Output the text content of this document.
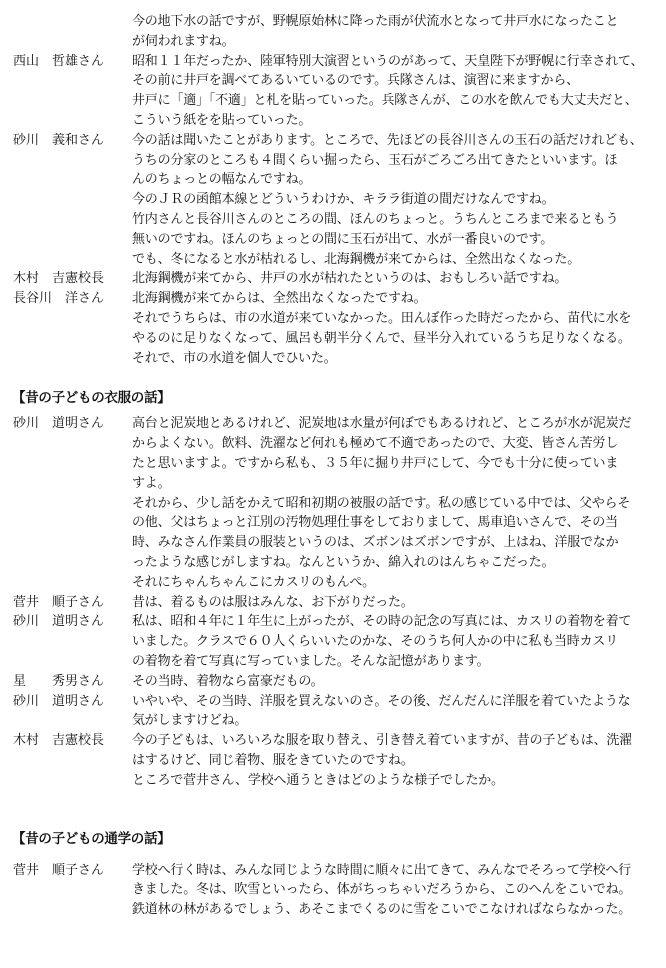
今の地下水の話ですが、野幌原始林に降った雨が伏流水となって井戸水になったこと
が伺われますね。
西山　哲雄さん 昭和１１年だったか、陸軍特別大演習というのがあって、天皇陛下が野幌に行幸されて、
その前に井戸を調べてあるいているのです。兵隊さんは、演習に来ますから、
井戸に「適」「不適」と札を貼っていった。兵隊さんが、この水を飲んでも大丈夫だと、
こういう紙をを貼っていった。
砂川　義和さん 今の話は聞いたことがあります。ところで、先ほどの長谷川さんの玉石の話だけれども、
うちの分家のところも４間くらい掘ったら、玉石がごろごろ出てきたといいます。ほ
んのちょっとの幅なんですね。
今のＪＲの函館本線とどういうわけか、キララ街道の間だけなんですね。
竹内さんと長谷川さんのところの間、ほんのちょっと。うちんところまで来るともう
無いのですね。ほんのちょっとの間に玉石が出て、水が一番良いのです。
でも、冬になると水が枯れるし、北海鋼機が来てからは、全然出なくなった。
木村　吉憲校長 北海鋼機が来てから、井戸の水が枯れたというのは、おもしろい話ですね。
長谷川　洋さん 北海鋼機が来てからは、全然出なくなったですね。
それでうちらは、市の水道が来ていなかった。田んぼ作った時だったから、苗代に水を
やるのに足りなくなって、風呂も朝半分くんで、昼半分入れているうち足りなくなる。
それで、市の水道を個人でひいた。
【昔の子どもの衣服の話】
砂川　道明さん 高台と泥炭地とあるけれど、泥炭地は水量が何ぼでもあるけれど、ところが水が泥炭だ
からよくない。飲料、洗濯など何れも極めて不適であったので、大変、皆さん苦労し
たと思いますよ。ですから私も、３５年に掘り井戸にして、今でも十分に使っていま
すよ。
それから、少し話をかえて昭和初期の被服の話です。私の感じている中では、父やらそ
の他、父はちょっと江別の汚物処理仕事をしておりまして、馬車追いさんで、その当
時、みなさん作業員の服装というのは、ズボンはズボンですが、上はね、洋服でなか
ったような感じがしますね。なんというか、綿入れのはんちゃこだった。
それにちゃんちゃんこにカスリのもんぺ。
菅井　順子さん 昔は、着るものは服はみんな、お下がりだった。
砂川　道明さん 私は、昭和４年に１年生に上がったが、その時の記念の写真には、カスリの着物を着て
いました。クラスで６０人くらいいたのかな、そのうち何人かの中に私も当時カスリ
の着物を着て写真に写っていました。そんな記憶があります。
星　　秀男さん その当時、着物なら富豪だもの。
砂川　道明さん いやいや、その当時、洋服を買えないのさ。その後、だんだんに洋服を着ていたような
気がしますけどね。
木村　吉憲校長 今の子どもは、いろいろな服を取り替え、引き替え着ていますが、昔の子どもは、洗濯
はするけど、同じ着物、服をきていたのですね。
ところで菅井さん、学校へ通うときはどのような様子でしたか。
【昔の子どもの通学の話】
菅井　順子さん 学校へ行く時は、みんな同じような時間に順々に出てきて、みんなでそろって学校へ行
きました。冬は、吹雪といったら、体がちっちゃいだろうから、このへんをこいでね。
鉄道林の林があるでしょう、あそこまでくるのに雪をこいでこなければならなかった。
